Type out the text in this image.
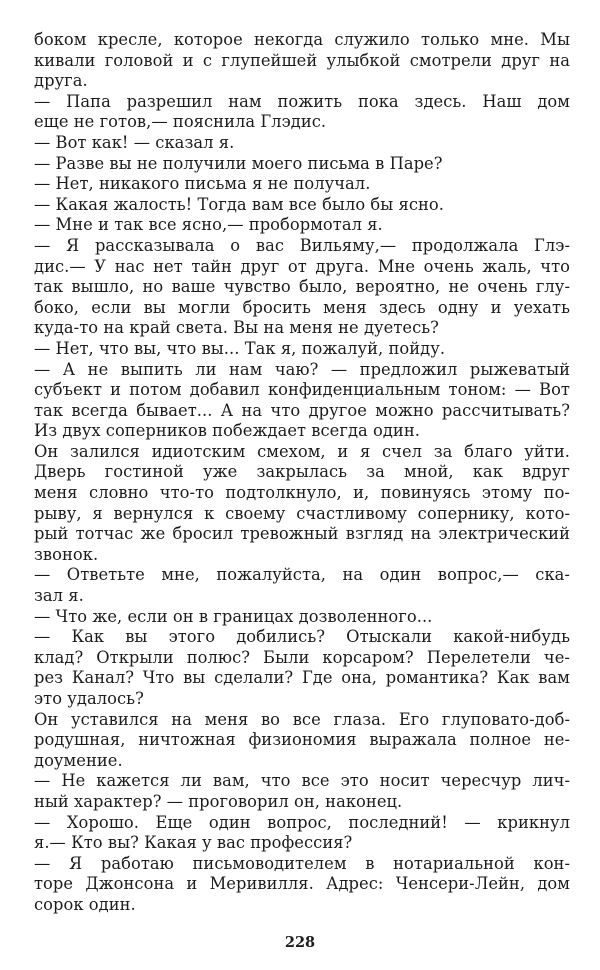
боком кресле, которое некогда служило только мне. Мы
кивали головой и с глупейшей улыбкой смотрели друг на
друга.
— Папа разрешил нам пожить пока здесь. Наш дом
еще не готов,— пояснила Глэдис.
— Вот как! — сказал я.
— Разве вы не получили моего письма в Паре?
— Нет, никакого письма я не получал.
— Какая жалость! Тогда вам все было бы ясно.
— Мне и так все ясно,— пробормотал я.
— Я рассказывала о вас Вильяму,— продолжала Глэ-
дис.— У нас нет тайн друг от друга. Мне очень жаль, что
так вышло, но ваше чувство было, вероятно, не очень глу-
боко, если вы могли бросить меня здесь одну и уехать
куда-то на край света. Вы на меня не дуетесь?
— Нет, что вы, что вы... Так я, пожалуй, пойду.
— А не выпить ли нам чаю? — предложил рыжеватый
субъект и потом добавил конфиденциальным тоном: — Вот
так всегда бывает... А на что другое можно рассчитывать?
Из двух соперников побеждает всегда один.
Он залился идиотским смехом, и я счел за благо уйти.
Дверь гостиной уже закрылась за мной, как вдруг
меня словно что-то подтолкнуло, и, повинуясь этому по-
рыву, я вернулся к своему счастливому сопернику, кото-
рый тотчас же бросил тревожный взгляд на электрический
звонок.
— Ответьте мне, пожалуйста, на один вопрос,— ска-
зал я.
— Что же, если он в границах дозволенного...
— Как вы этого добились? Отыскали какой-нибудь
клад? Открыли полюс? Были корсаром? Перелетели че-
рез Канал? Что вы сделали? Где она, романтика? Как вам
это удалось?
Он уставился на меня во все глаза. Его глуповато-доб-
родушная, ничтожная физиономия выражала полное не-
доумение.
— Не кажется ли вам, что все это носит чересчур лич-
ный характер? — проговорил он, наконец.
— Хорошо. Еще один вопрос, последний! — крикнул
я.— Кто вы? Какая у вас профессия?
— Я работаю письмоводителем в нотариальной кон-
торе Джонсона и Меривилля. Адрес: Ченсери-Лейн, дом
сорок один.
228
